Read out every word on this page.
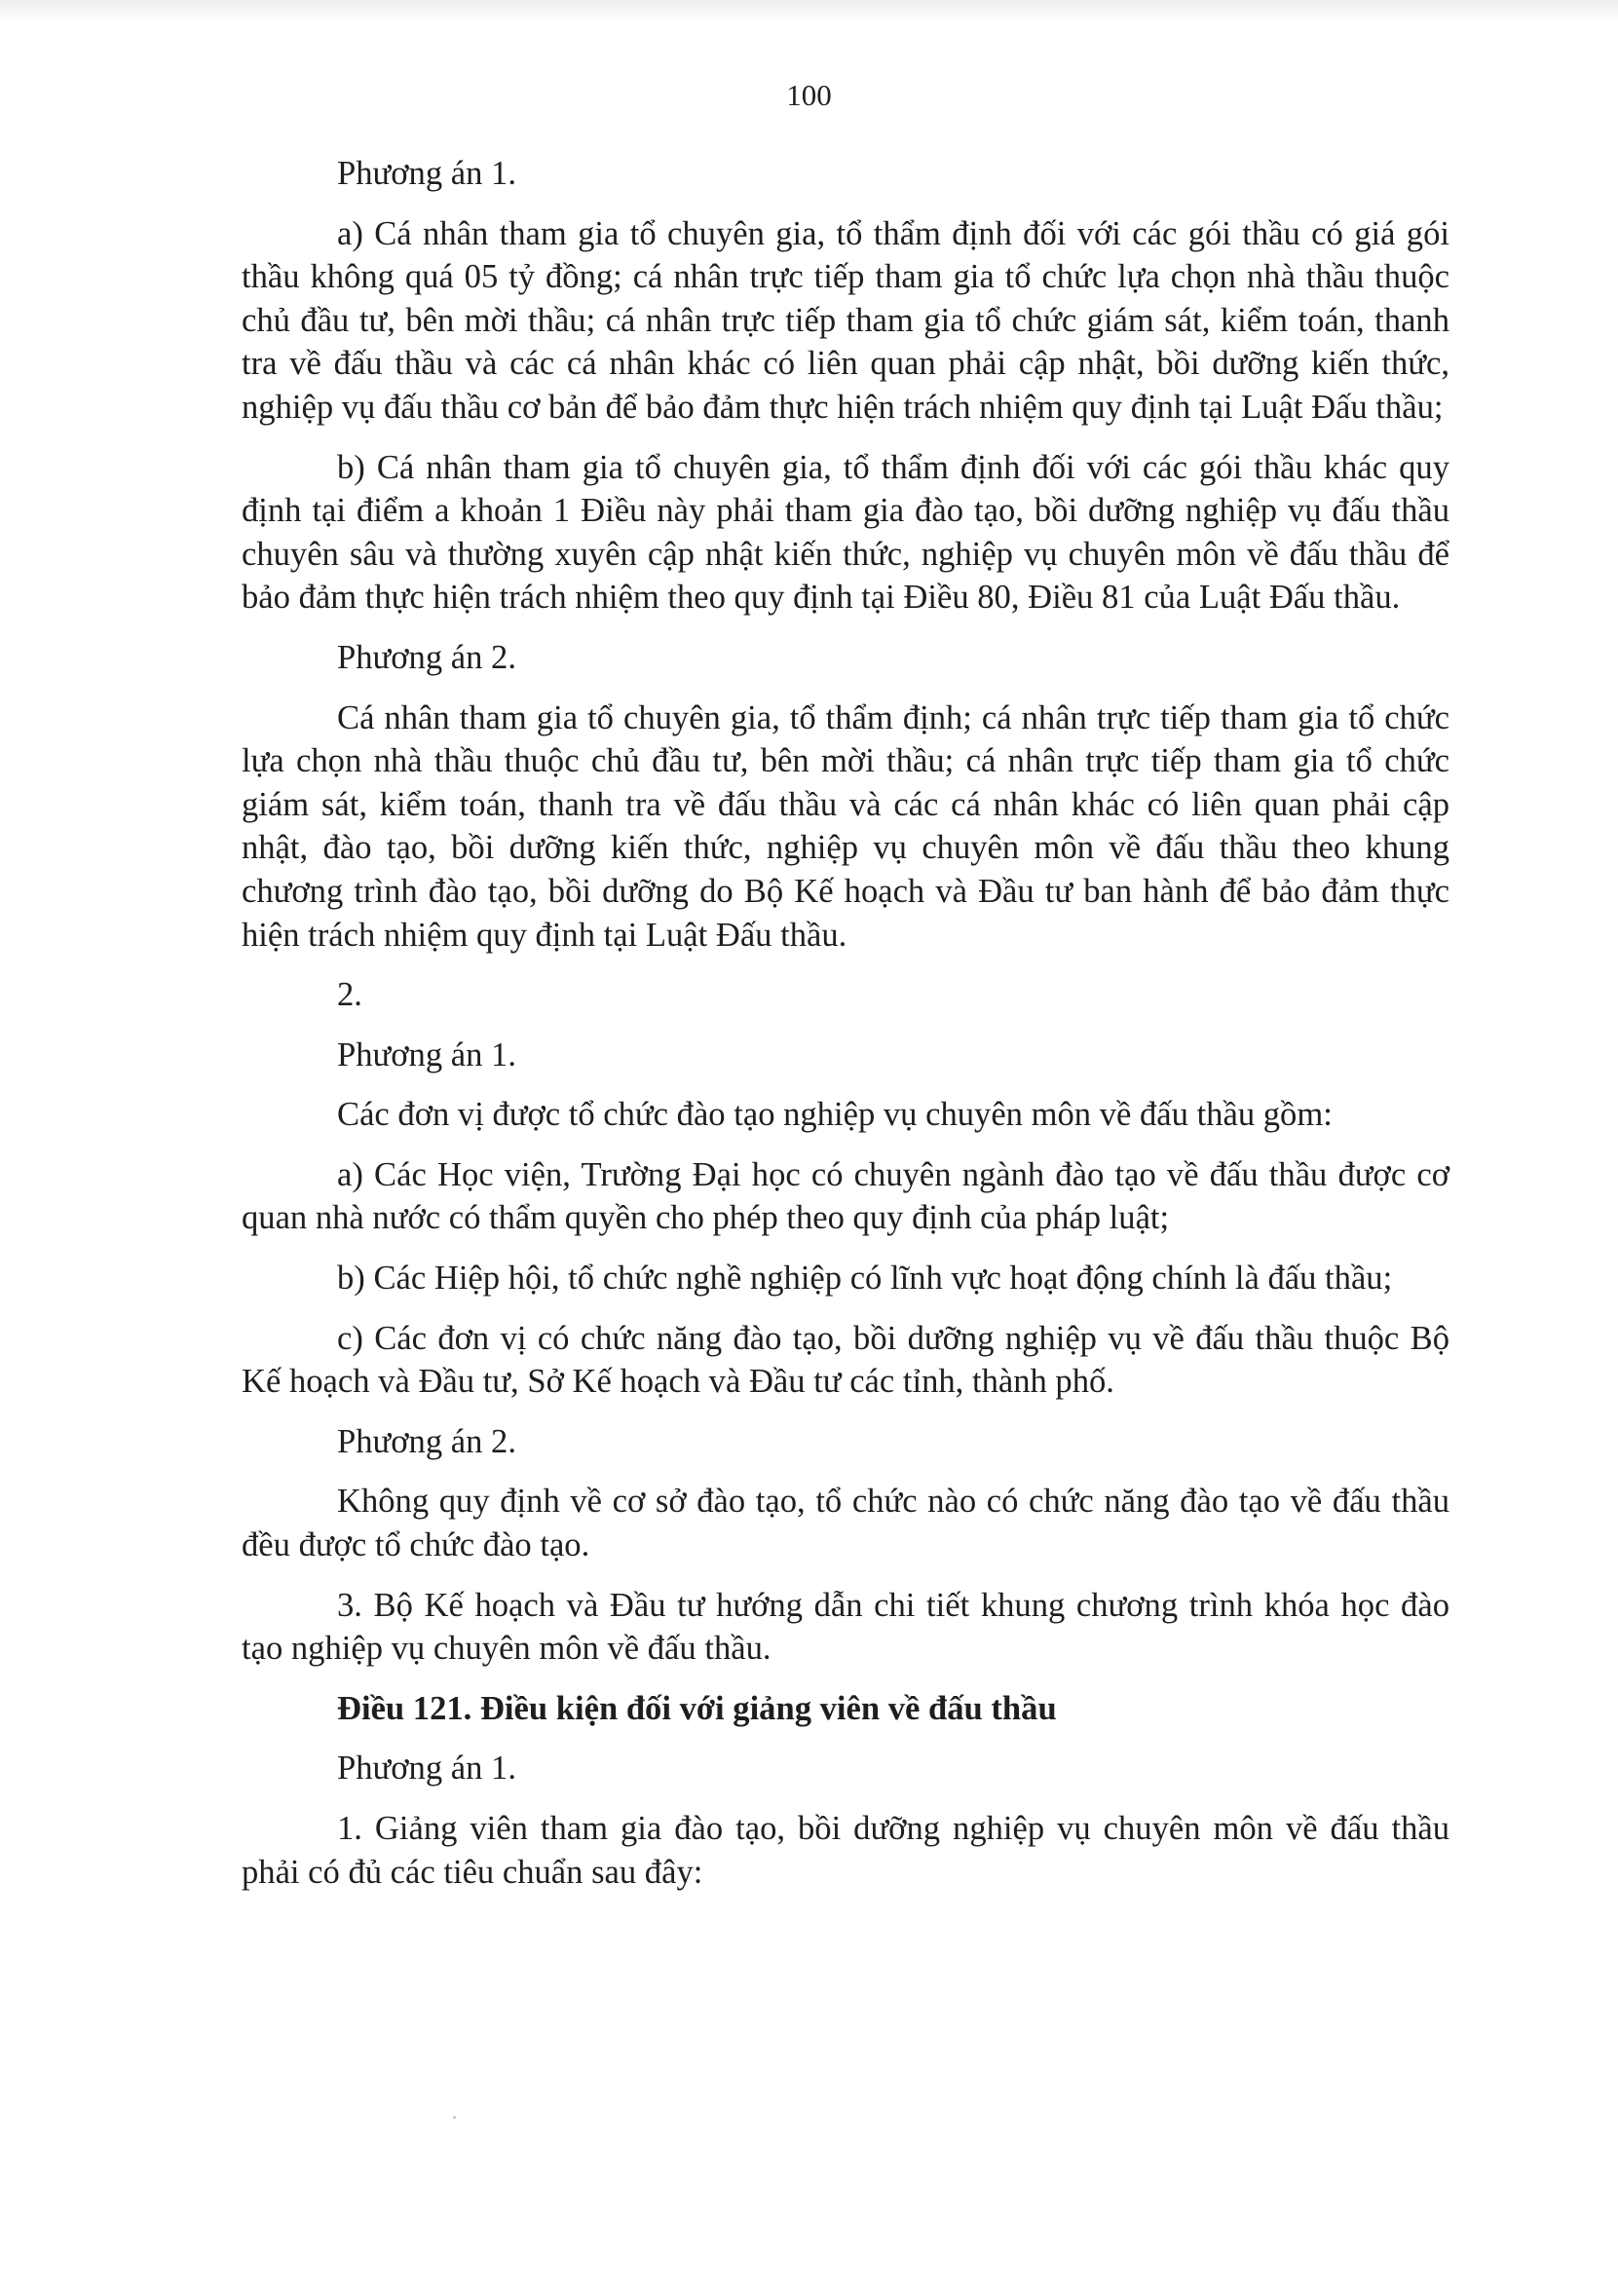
100

Phương án 1.

a) Cá nhân tham gia tổ chuyên gia, tổ thẩm định đối với các gói thầu có giá gói thầu không quá 05 tỷ đồng; cá nhân trực tiếp tham gia tổ chức lựa chọn nhà thầu thuộc chủ đầu tư, bên mời thầu; cá nhân trực tiếp tham gia tổ chức giám sát, kiểm toán, thanh tra về đấu thầu và các cá nhân khác có liên quan phải cập nhật, bồi dưỡng kiến thức, nghiệp vụ đấu thầu cơ bản để bảo đảm thực hiện trách nhiệm quy định tại Luật Đấu thầu;

b) Cá nhân tham gia tổ chuyên gia, tổ thẩm định đối với các gói thầu khác quy định tại điểm a khoản 1 Điều này phải tham gia đào tạo, bồi dưỡng nghiệp vụ đấu thầu chuyên sâu và thường xuyên cập nhật kiến thức, nghiệp vụ chuyên môn về đấu thầu để bảo đảm thực hiện trách nhiệm theo quy định tại Điều 80, Điều 81 của Luật Đấu thầu.

Phương án 2.

Cá nhân tham gia tổ chuyên gia, tổ thẩm định; cá nhân trực tiếp tham gia tổ chức lựa chọn nhà thầu thuộc chủ đầu tư, bên mời thầu; cá nhân trực tiếp tham gia tổ chức giám sát, kiểm toán, thanh tra về đấu thầu và các cá nhân khác có liên quan phải cập nhật, đào tạo, bồi dưỡng kiến thức, nghiệp vụ chuyên môn về đấu thầu theo khung chương trình đào tạo, bồi dưỡng do Bộ Kế hoạch và Đầu tư ban hành để bảo đảm thực hiện trách nhiệm quy định tại Luật Đấu thầu.

2.

Phương án 1.

Các đơn vị được tổ chức đào tạo nghiệp vụ chuyên môn về đấu thầu gồm:

a) Các Học viện, Trường Đại học có chuyên ngành đào tạo về đấu thầu được cơ quan nhà nước có thẩm quyền cho phép theo quy định của pháp luật;

b) Các Hiệp hội, tổ chức nghề nghiệp có lĩnh vực hoạt động chính là đấu thầu;

c) Các đơn vị có chức năng đào tạo, bồi dưỡng nghiệp vụ về đấu thầu thuộc Bộ Kế hoạch và Đầu tư, Sở Kế hoạch và Đầu tư các tỉnh, thành phố.

Phương án 2.

Không quy định về cơ sở đào tạo, tổ chức nào có chức năng đào tạo về đấu thầu đều được tổ chức đào tạo.

3. Bộ Kế hoạch và Đầu tư hướng dẫn chi tiết khung chương trình khóa học đào tạo nghiệp vụ chuyên môn về đấu thầu.

Điều 121. Điều kiện đối với giảng viên về đấu thầu

Phương án 1.

1. Giảng viên tham gia đào tạo, bồi dưỡng nghiệp vụ chuyên môn về đấu thầu phải có đủ các tiêu chuẩn sau đây:
